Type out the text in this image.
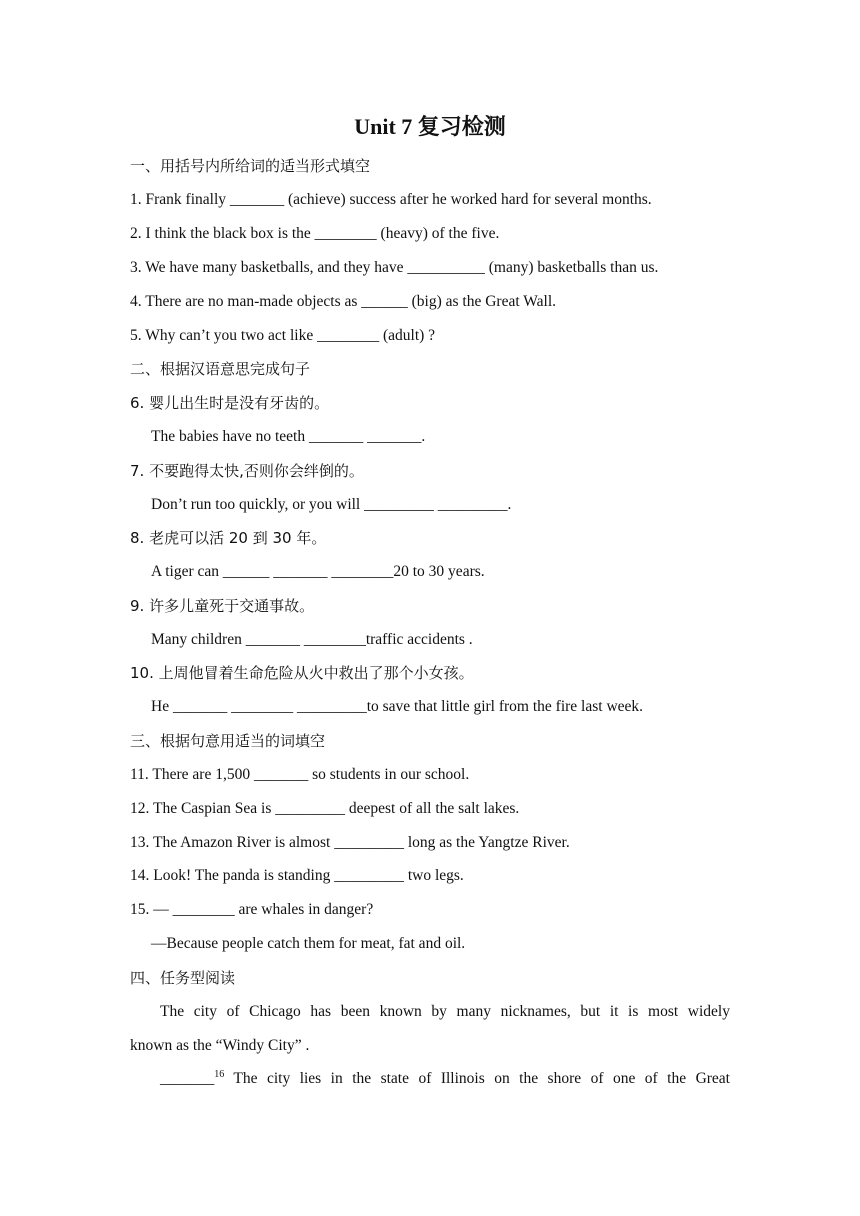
Unit 7 复习检测
一、用括号内所给词的适当形式填空
1. Frank finally _______ (achieve) success after he worked hard for several months.
2. I think the black box is the ________ (heavy) of the five.
3. We have many basketballs, and they have __________ (many) basketballs than us.
4. There are no man-made objects as ______ (big) as the Great Wall.
5. Why can’t you two act like ________ (adult) ?
二、根据汉语意思完成句子
6. 婴儿出生时是没有牙齿的。
The babies have no teeth _______ _______.
7. 不要跑得太快,否则你会绊倒的。
Don’t run too quickly, or you will _________ _________.
8. 老虎可以活 20 到 30 年。
A tiger can ______ _______ ________20 to 30 years.
9. 许多儿童死于交通事故。
Many children _______ ________traffic accidents .
10. 上周他冒着生命危险从火中救出了那个小女孩。
He _______ ________ _________to save that little girl from the fire last week.
三、根据句意用适当的词填空
11. There are 1,500 _______ so students in our school.
12. The Caspian Sea is _________ deepest of all the salt lakes.
13. The Amazon River is almost _________ long as the Yangtze River.
14. Look! The panda is standing _________ two legs.
15. — ________ are whales in danger?
—Because people catch them for meat, fat and oil.
四、任务型阅读
The city of Chicago has been known by many nicknames, but it is most widely
known as the “Windy City” .
_______$^{16}$ The city lies in the state of Illinois on the shore of one of the Great
